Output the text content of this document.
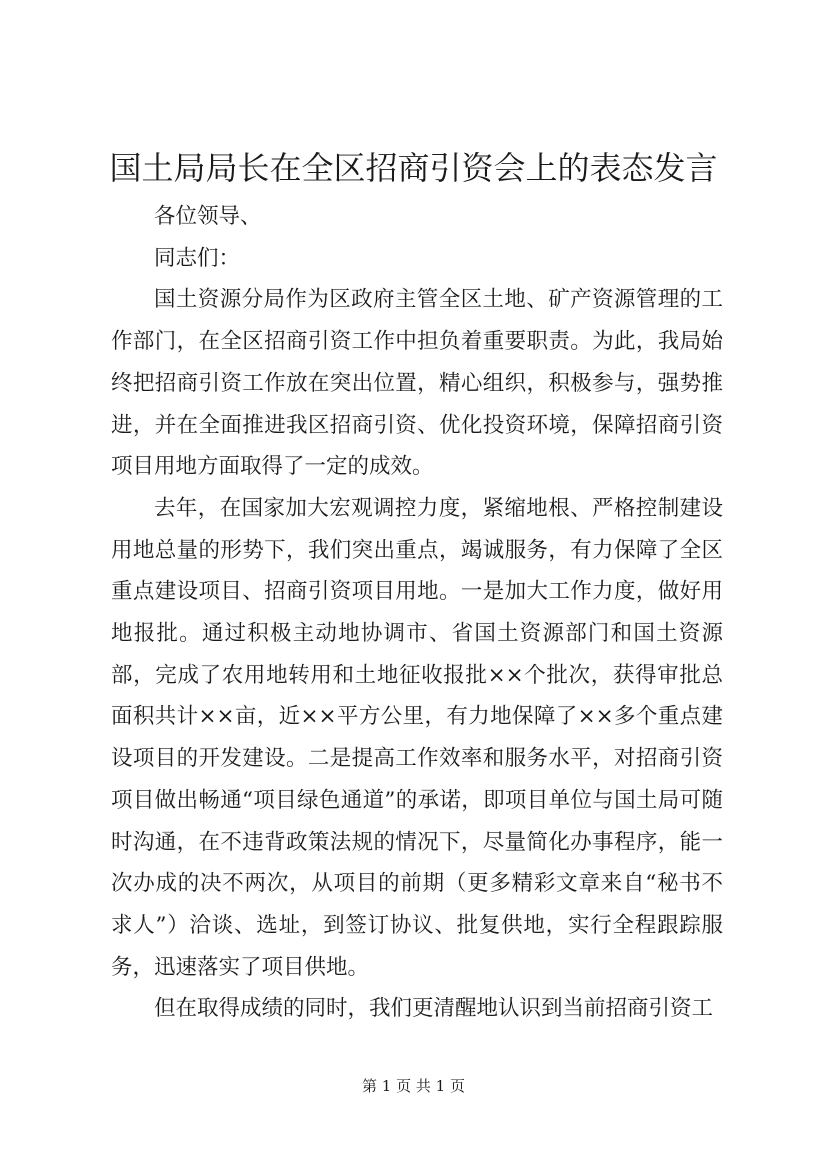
国土局局长在全区招商引资会上的表态发言

各位领导、

同志们：

国土资源分局作为区政府主管全区土地、矿产资源管理的工作部门，在全区招商引资工作中担负着重要职责。为此，我局始终把招商引资工作放在突出位置，精心组织，积极参与，强势推进，并在全面推进我区招商引资、优化投资环境，保障招商引资项目用地方面取得了一定的成效。

去年，在国家加大宏观调控力度，紧缩地根、严格控制建设用地总量的形势下，我们突出重点，竭诚服务，有力保障了全区重点建设项目、招商引资项目用地。一是加大工作力度，做好用地报批。通过积极主动地协调市、省国土资源部门和国土资源部，完成了农用地转用和土地征收报批××个批次，获得审批总面积共计××亩，近××平方公里，有力地保障了××多个重点建设项目的开发建设。二是提高工作效率和服务水平，对招商引资项目做出畅通“项目绿色通道”的承诺，即项目单位与国土局可随时沟通，在不违背政策法规的情况下，尽量简化办事程序，能一次办成的决不两次，从项目的前期（更多精彩文章来自“秘书不求人”）洽谈、选址，到签订协议、批复供地，实行全程跟踪服务，迅速落实了项目供地。

但在取得成绩的同时，我们更清醒地认识到当前招商引资工

第 1 页 共 1 页
